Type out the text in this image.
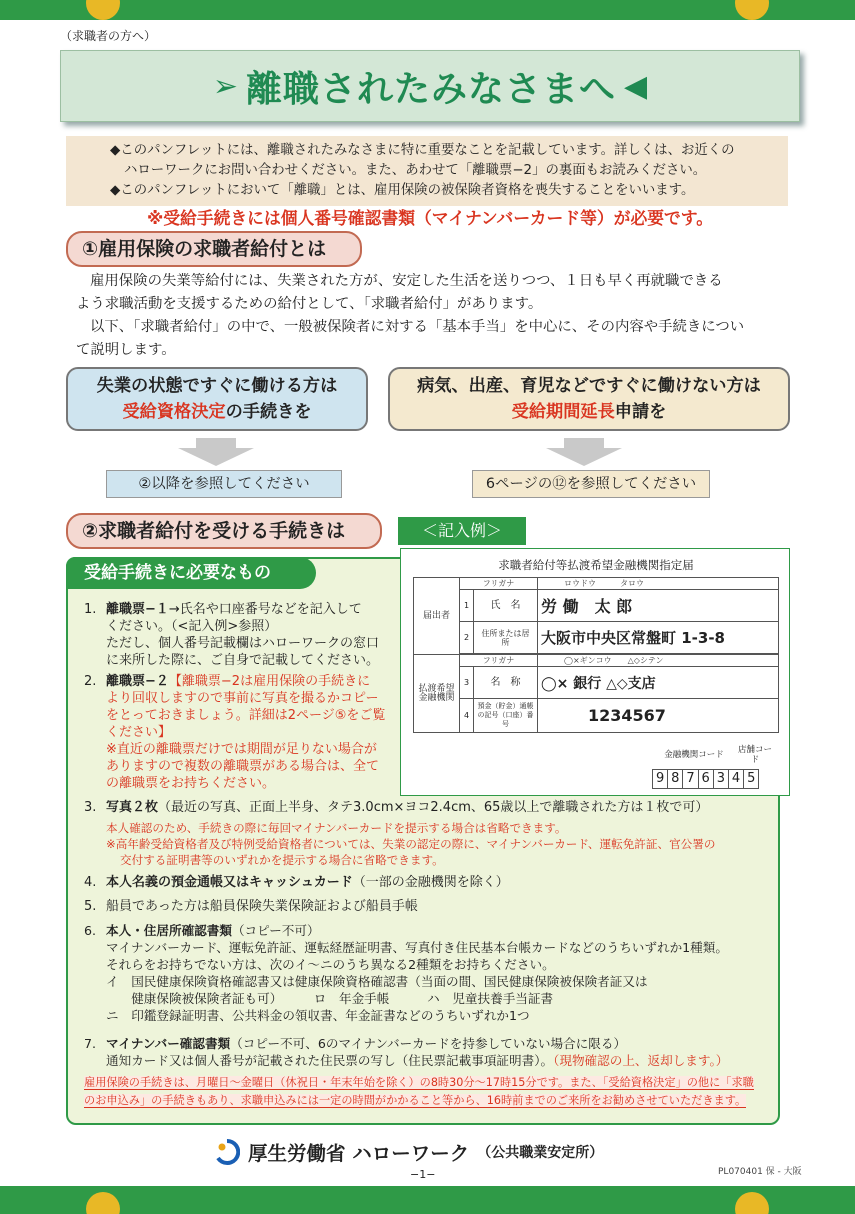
（求職者の方へ）
➢ 離職されたみなさまへ ◀

◆このパンフレットには、離職されたみなさまに特に重要なことを記載しています。詳しくは、お近くの

ハローワークにお問い合わせください。また、あわせて「離職票−2」の裏面もお読みください。

◆このパンフレットにおいて「離職」とは、雇用保険の被保険者資格を喪失することをいいます。

※受給手続きには個人番号確認書類（マイナンバーカード等）が必要です。
①雇用保険の求職者給付とは

雇用保険の失業等給付には、失業された方が、安定した生活を送りつつ、１日も早く再就職できる

よう求職活動を支援するための給付として、「求職者給付」があります。

以下、「求職者給付」の中で、一般被保険者に対する「基本手当」を中心に、その内容や手続きについ

て説明します。

失業の状態ですぐに働ける方は
受給資格決定の手続きを
病気、出産、育児などですぐに働けない方は
受給期間延長申請を
②以降を参照してください	6ページの⑫を参照してください
②求職者給付を受ける手続きは	＜記入例＞
受給手続きに必要なもの
1. 離職票−１→氏名や口座番号などを記入して
ください。（<記入例>参照）
ただし、個人番号記載欄はハローワークの窓口
に来所した際に、ご自身で記載してください。
2. 離職票−２【離職票−2は雇用保険の手続きに
より回収しますので事前に写真を撮るかコピー
をとっておきましょう。詳細は2ページ⑤をご覧
ください】
※直近の離職票だけでは期間が足りない場合が
ありますので複数の離職票がある場合は、全て
の離職票をお持ちください。
3. 写真２枚（最近の写真、正面上半身、タテ3.0cm×ヨコ2.4cm、65歳以上で離職された方は１枚で可）
本人確認のため、手続きの際に毎回マイナンバーカードを提示する場合は省略できます。
※高年齢受給資格者及び特例受給資格者については、失業の認定の際に、マイナンバーカード、運転免許証、官公署の
交付する証明書等のいずれかを提示する場合に省略できます。
4. 本人名義の預金通帳又はキャッシュカード（一部の金融機関を除く）
5. 船員であった方は船員保険失業保険証および船員手帳
6. 本人・住居所確認書類（コピー不可）
マイナンバーカード、運転免許証、運転経歴証明書、写真付き住民基本台帳カードなどのうちいずれか1種類。
それらをお持ちでない方は、次のイ〜ニのうち異なる2種類をお持ちください。
イ　国民健康保険資格確認書又は健康保険資格確認書（当面の間、国民健康保険被保険者証又は
　　健康保険被保険者証も可）　　　ロ　年金手帳　　　ハ　児童扶養手当証書
ニ　印鑑登録証明書、公共料金の領収書、年金証書などのうちいずれか1つ
7. マイナンバー確認書類（コピー不可、6のマイナンバーカードを持参していない場合に限る）
通知カード又は個人番号が記載された住民票の写し（住民票記載事項証明書）。（現物確認の上、返却します。）
雇用保険の手続きは、月曜日〜金曜日（休祝日・年末年始を除く）の8時30分〜17時15分です。また、「受給資格決定」の他に「求職
のお申込み」の手続きもあり、求職申込みには一定の時間がかかること等から、16時前までのご来所をお勧めさせていただきます。
求職者給付等払渡希望金融機関指定届
届出者	フリガナ		ロウドウ　　　タロウ
	1	氏　名	労 働　太 郎
	2	住所または居　所	大阪市中央区常盤町 1-3-8

払渡希望金融機関	フリガナ		◯×ギンコウ　　△◇シテン
	3	名　称	◯× 銀行 △◇支店
	4	預金（貯金）通帳の記号（口座）番号	1234567
金融機関コード	店舗コード
9 8 7 6 3 4 5
厚生労働省 ハローワーク （公共職業安定所）
−1−	PL070401 保 - 大阪
